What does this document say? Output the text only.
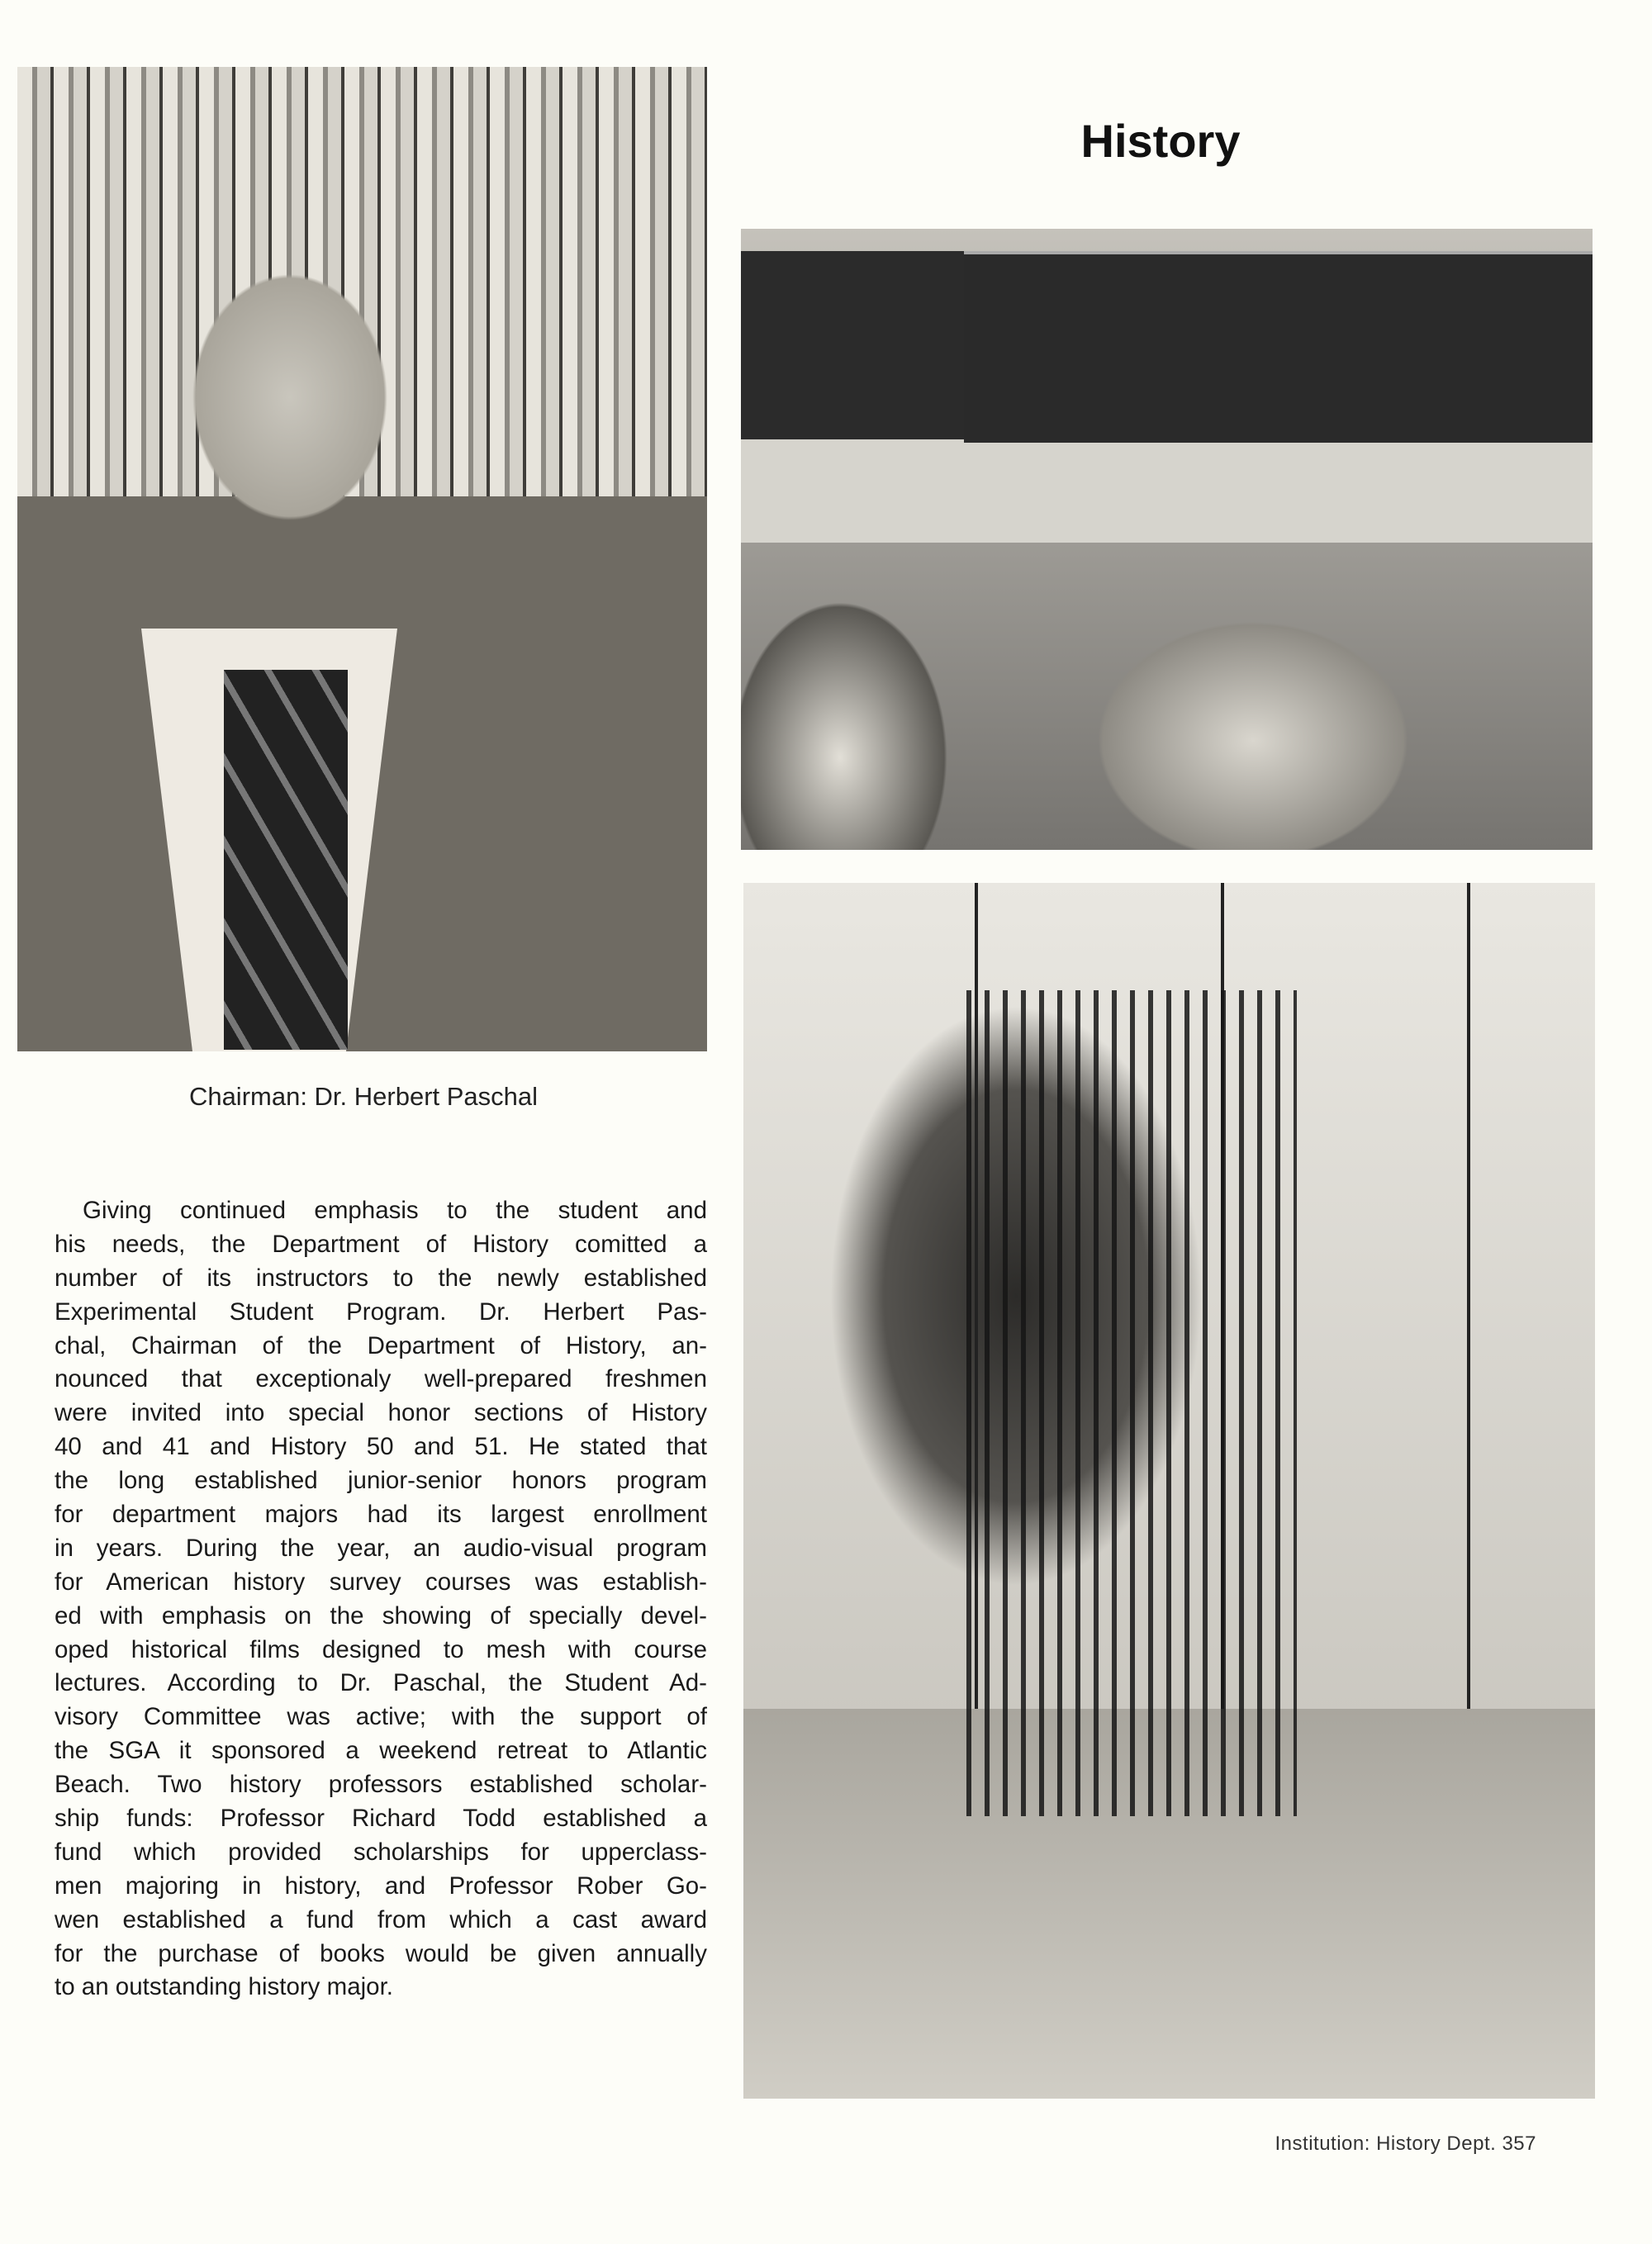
History
Chairman: Dr. Herbert Paschal
Giving continued emphasis to the student and
his needs, the Department of History comitted a
number of its instructors to the newly established
Experimental Student Program. Dr. Herbert Pas-
chal, Chairman of the Department of History, an-
nounced that exceptionaly well-prepared freshmen
were invited into special honor sections of History
40 and 41 and History 50 and 51. He stated that
the long established junior-senior honors program
for department majors had its largest enrollment
in years. During the year, an audio-visual program
for American history survey courses was establish-
ed with emphasis on the showing of specially devel-
oped historical films designed to mesh with course
lectures. According to Dr. Paschal, the Student Ad-
visory Committee was active; with the support of
the SGA it sponsored a weekend retreat to Atlantic
Beach. Two history professors established scholar-
ship funds: Professor Richard Todd established a
fund which provided scholarships for upperclass-
men majoring in history, and Professor Rober Go-
wen established a fund from which a cast award
for the purchase of books would be given annually
to an outstanding history major.
Institution: History Dept. 357
